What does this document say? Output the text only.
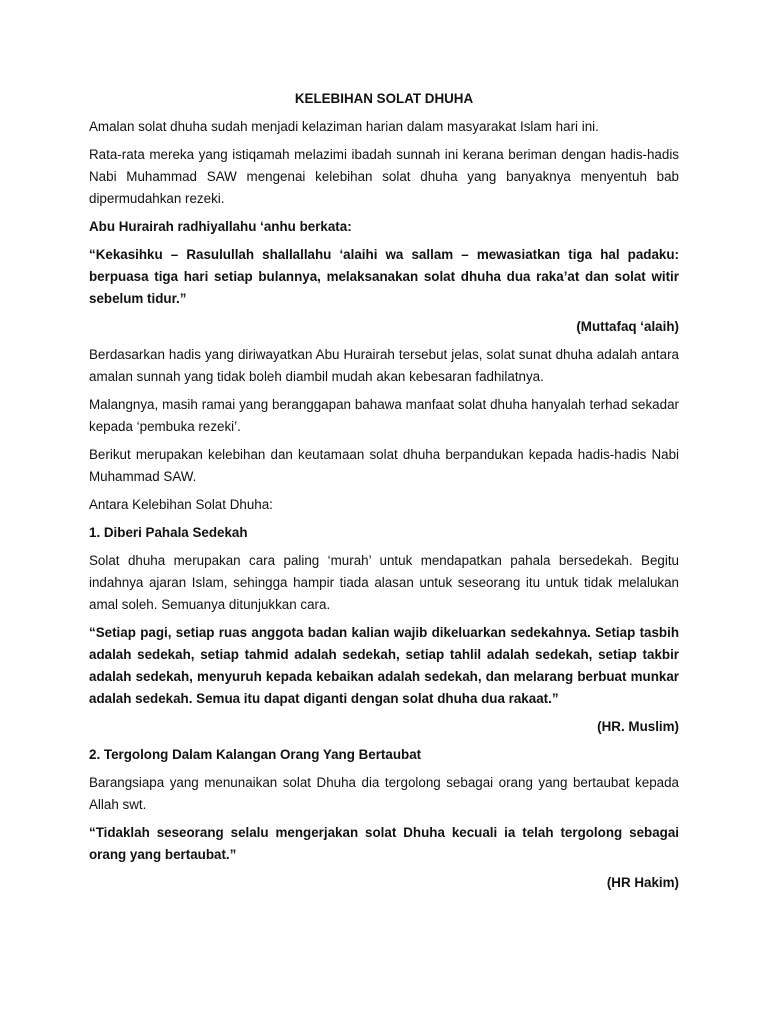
KELEBIHAN SOLAT DHUHA

Amalan solat dhuha sudah menjadi kelaziman harian dalam masyarakat Islam hari ini.

Rata-rata mereka yang istiqamah melazimi ibadah sunnah ini kerana beriman dengan hadis-hadis Nabi Muhammad SAW mengenai kelebihan solat dhuha yang banyaknya menyentuh bab dipermudahkan rezeki.

Abu Hurairah radhiyallahu ‘anhu berkata:

“Kekasihku – Rasulullah shallallahu ‘alaihi wa sallam – mewasiatkan tiga hal padaku: berpuasa tiga hari setiap bulannya, melaksanakan solat dhuha dua raka’at dan solat witir sebelum tidur.”

(Muttafaq ‘alaih)

Berdasarkan hadis yang diriwayatkan Abu Hurairah tersebut jelas, solat sunat dhuha adalah antara amalan sunnah yang tidak boleh diambil mudah akan kebesaran fadhilatnya.

Malangnya, masih ramai yang beranggapan bahawa manfaat solat dhuha hanyalah terhad sekadar kepada ‘pembuka rezeki’.

Berikut merupakan kelebihan dan keutamaan solat dhuha berpandukan kepada hadis-hadis Nabi Muhammad SAW.

Antara Kelebihan Solat Dhuha:

1. Diberi Pahala Sedekah

Solat dhuha merupakan cara paling ‘murah’ untuk mendapatkan pahala bersedekah. Begitu indahnya ajaran Islam, sehingga hampir tiada alasan untuk seseorang itu untuk tidak melalukan amal soleh. Semuanya ditunjukkan cara.

“Setiap pagi, setiap ruas anggota badan kalian wajib dikeluarkan sedekahnya. Setiap tasbih adalah sedekah, setiap tahmid adalah sedekah, setiap tahlil adalah sedekah, setiap takbir adalah sedekah, menyuruh kepada kebaikan adalah sedekah, dan melarang berbuat munkar adalah sedekah. Semua itu dapat diganti dengan solat dhuha dua rakaat.”

(HR. Muslim)

2. Tergolong Dalam Kalangan Orang Yang Bertaubat

Barangsiapa yang menunaikan solat Dhuha dia tergolong sebagai orang yang bertaubat kepada Allah swt.

“Tidaklah seseorang selalu mengerjakan solat Dhuha kecuali ia telah tergolong sebagai orang yang bertaubat.”

(HR Hakim)
